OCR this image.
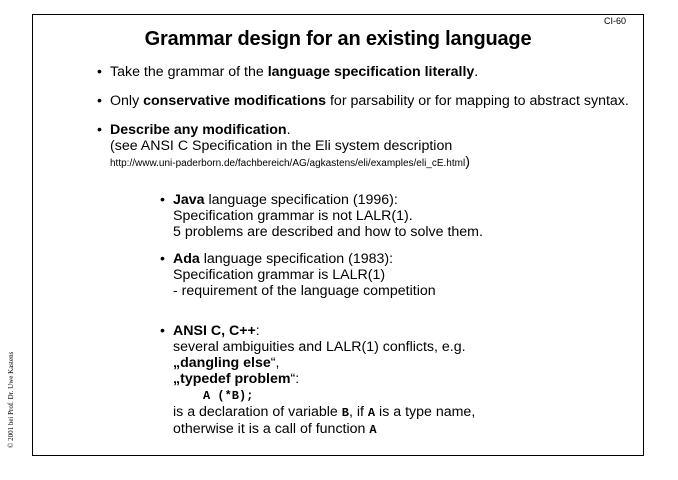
CI-60
Grammar design for an existing language
© 2001 bei Prof. Dr. Uwe Kastens
• Take the grammar of the language specification literally.
• Only conservative modifications for parsability or for mapping to abstract syntax.
• Describe any modification.
(see ANSI C Specification in the Eli system description
http://www.uni-paderborn.de/fachbereich/AG/agkastens/eli/examples/eli_cE.html)
• Java language specification (1996):
Specification grammar is not LALR(1).
5 problems are described and how to solve them.
• Ada language specification (1983):
Specification grammar is LALR(1)
- requirement of the language competition
• ANSI C, C++:
several ambiguities and LALR(1) conflicts, e.g.
„dangling else“,
„typedef problem“:
A (*B);
is a declaration of variable B, if A is a type name,
otherwise it is a call of function A
